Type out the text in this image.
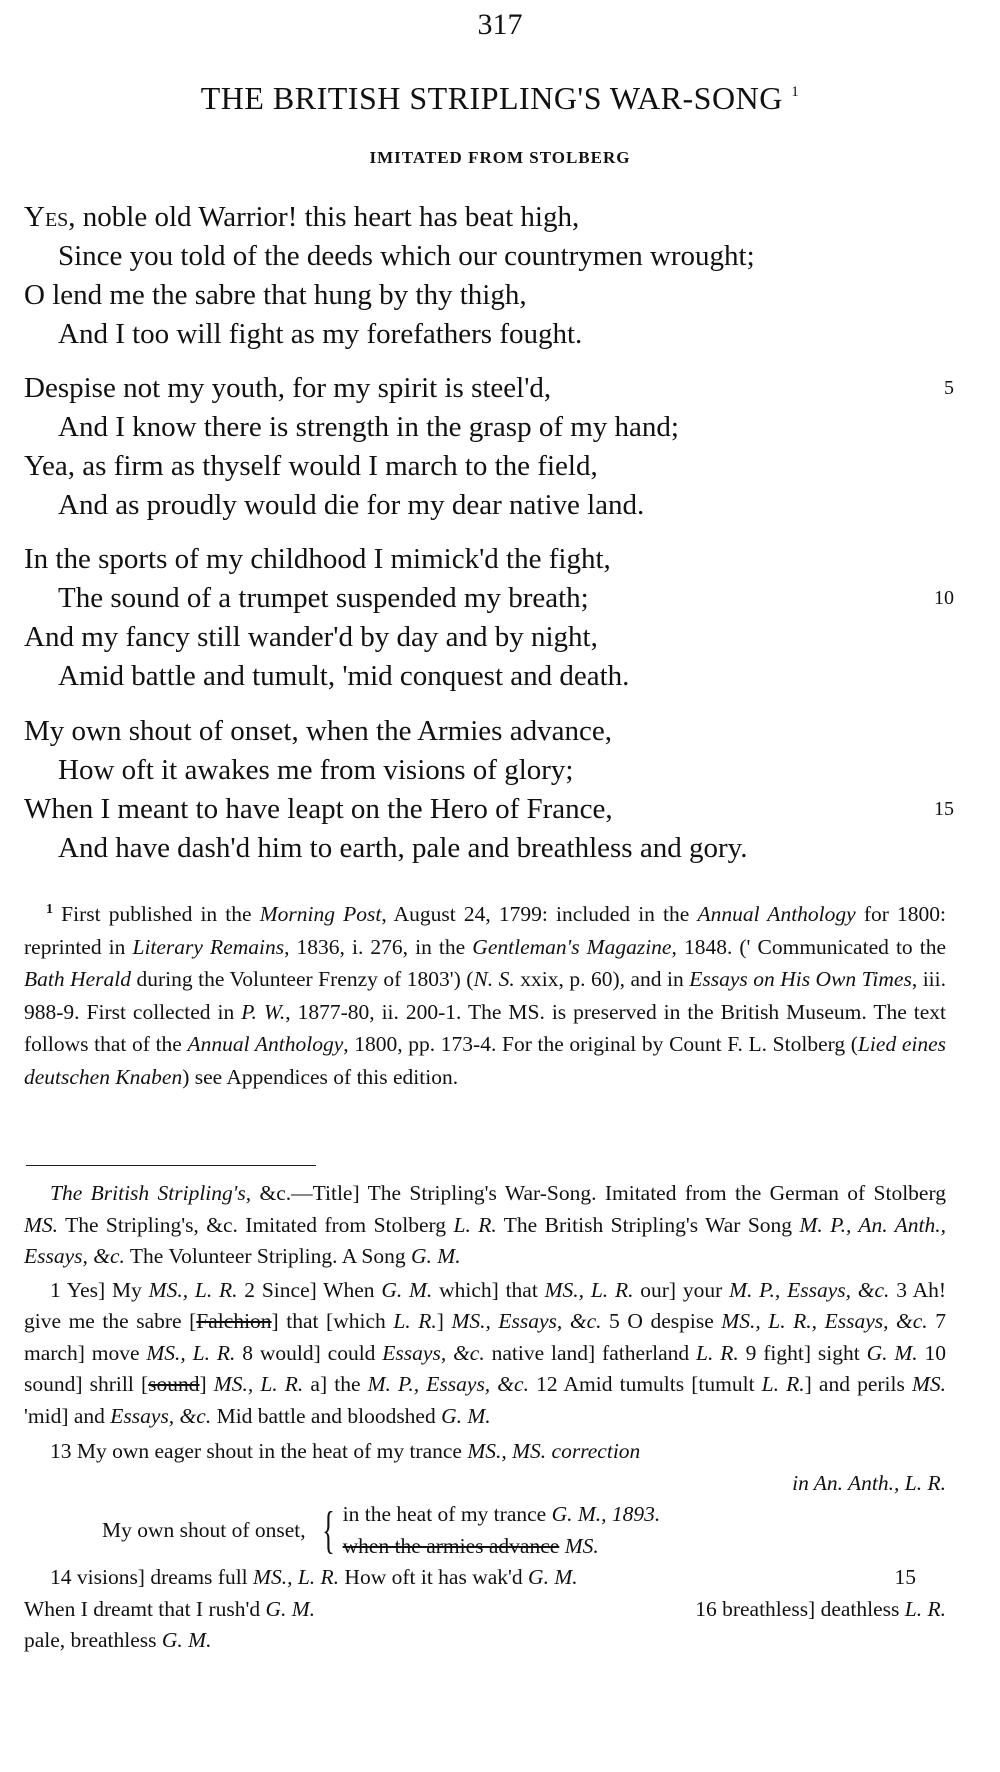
317
THE BRITISH STRIPLING'S WAR-SONG $^1$
IMITATED FROM STOLBERG
Yes, noble old Warrior! this heart has beat high,
Since you told of the deeds which our countrymen wrought;
O lend me the sabre that hung by thy thigh,
And I too will fight as my forefathers fought.
Despise not my youth, for my spirit is steel'd,	5
And I know there is strength in the grasp of my hand;
Yea, as firm as thyself would I march to the field,
And as proudly would die for my dear native land.
In the sports of my childhood I mimick'd the fight,
The sound of a trumpet suspended my breath;	10
And my fancy still wander'd by day and by night,
Amid battle and tumult, 'mid conquest and death.
My own shout of onset, when the Armies advance,
How oft it awakes me from visions of glory;
When I meant to have leapt on the Hero of France,	15
And have dash'd him to earth, pale and breathless and gory.
$^1$ First published in the Morning Post, August 24, 1799: included in the Annual Anthology for 1800: reprinted in Literary Remains, 1836, i. 276, in the Gentleman's Magazine, 1848. (' Communicated to the Bath Herald during the Volunteer Frenzy of 1803') (N. S. xxix, p. 60), and in Essays on His Own Times, iii. 988-9. First collected in P. W., 1877-80, ii. 200-1. The MS. is preserved in the British Museum. The text follows that of the Annual Anthology, 1800, pp. 173-4. For the original by Count F. L. Stolberg (Lied eines deutschen Knaben) see Appendices of this edition.
The British Stripling's, &c.—Title] The Stripling's War-Song. Imitated from the German of Stolberg MS. The Stripling's, &c. Imitated from Stolberg L. R. The British Stripling's War Song M. P., An. Anth., Essays, &c. The Volunteer Stripling. A Song G. M.
1 Yes] My MS., L. R. 2 Since] When G. M. which] that MS., L. R. our] your M. P., Essays, &c. 3 Ah! give me the sabre [Falchion] that [which L. R.] MS., Essays, &c. 5 O despise MS., L. R., Essays, &c. 7 march] move MS., L. R. 8 would] could Essays, &c. native land] fatherland L. R. 9 fight] sight G. M. 10 sound] shrill [sound] MS., L. R. a] the M. P., Essays, &c. 12 Amid tumults [tumult L. R.] and perils MS. 'mid] and Essays, &c. Mid battle and bloodshed G. M.
13 My own eager shout in the heat of my trance MS., MS. correction
in An. Anth., L. R.
My own shout of onset, { in the heat of my trance G. M., 1893.
when the armies advance MS.
14 visions] dreams full MS., L. R. How oft it has wak'd G. M.	15
When I dreamt that I rush'd G. M.	16 breathless] deathless L. R.
pale, breathless G. M.
